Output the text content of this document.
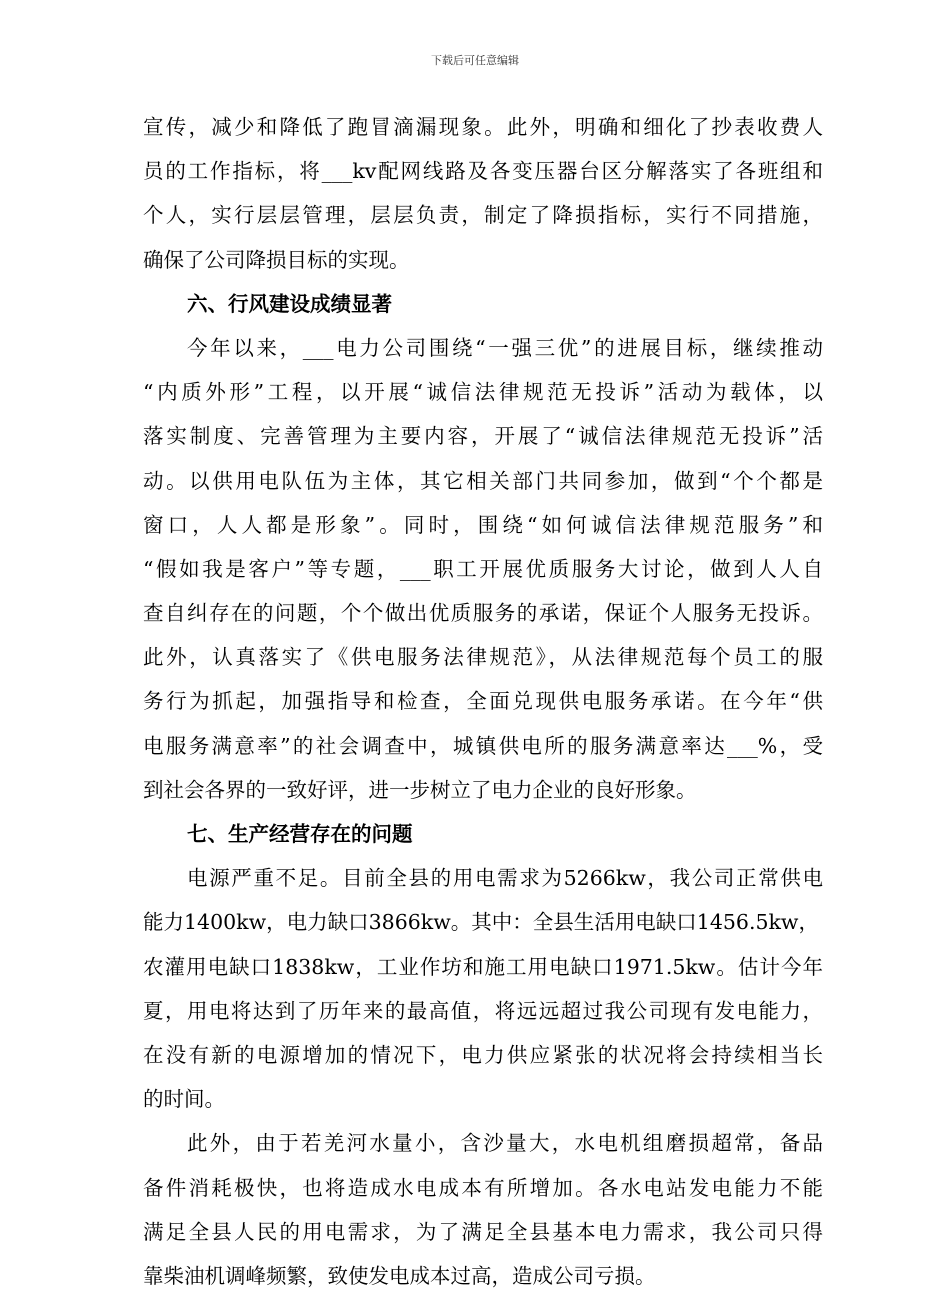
下载后可任意编辑
宣传，减少和降低了跑冒滴漏现象。此外，明确和细化了抄表收费人
员的工作指标，将___kv配网线路及各变压器台区分解落实了各班组和
个人，实行层层管理，层层负责，制定了降损指标，实行不同措施，
确保了公司降损目标的实现。
六、行风建设成绩显著
今年以来，___电力公司围绕“一强三优”的进展目标，继续推动
“内质外形”工程，以开展“诚信法律规范无投诉”活动为载体，以
落实制度、完善管理为主要内容，开展了“诚信法律规范无投诉”活
动。以供用电队伍为主体，其它相关部门共同参加，做到“个个都是
窗口，人人都是形象”。同时，围绕“如何诚信法律规范服务”和
“假如我是客户”等专题，___职工开展优质服务大讨论，做到人人自
查自纠存在的问题，个个做出优质服务的承诺，保证个人服务无投诉。
此外，认真落实了《供电服务法律规范》，从法律规范每个员工的服
务行为抓起，加强指导和检查，全面兑现供电服务承诺。在今年“供
电服务满意率”的社会调查中，城镇供电所的服务满意率达___%，受
到社会各界的一致好评，进一步树立了电力企业的良好形象。
七、生产经营存在的问题
电源严重不足。目前全县的用电需求为5266kw，我公司正常供电
能力1400kw，电力缺口3866kw。其中：全县生活用电缺口1456.5kw，
农灌用电缺口1838kw，工业作坊和施工用电缺口1971.5kw。估计今年
夏，用电将达到了历年来的最高值，将远远超过我公司现有发电能力，
在没有新的电源增加的情况下，电力供应紧张的状况将会持续相当长
的时间。
此外，由于若羌河水量小，含沙量大，水电机组磨损超常，备品
备件消耗极快，也将造成水电成本有所增加。各水电站发电能力不能
满足全县人民的用电需求，为了满足全县基本电力需求，我公司只得
靠柴油机调峰频繁，致使发电成本过高，造成公司亏损。
